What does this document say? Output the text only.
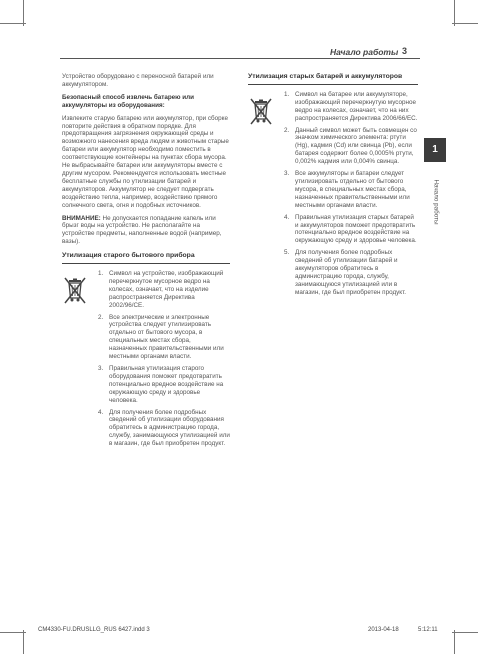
Начало работы 3

Устройство оборудовано с переносной батарей или аккумулятором.

Безопасный способ извлечь батарею или аккумуляторы из оборудования:

Извлеките старую батарею или аккумулятор, при сборке повторите действия в обратном порядке. Для предотвращения загрязнения окружающей среды и возможного нанесения вреда людям и животным старые батареи или аккумулятор необходимо поместить в соответствующие контейнеры на пунктах сбора мусора. Не выбрасывайте батареи или аккумуляторы вместе с другим мусором. Рекомендуется использовать местные бесплатные службы по утилизации батарей и аккумуляторов. Аккумулятор не следует подвергать воздействию тепла, например, воздействию прямого солнечного света, огня и подобных источников.

ВНИМАНИЕ: Не допускается попадание капель или брызг воды на устройство. Не располагайте на устройстве предметы, наполненные водой (например, вазы).

Утилизация старого бытового прибора
1. Символ на устройстве, изображающий перечеркнутое мусорное ведро на колесах, означает, что на изделие распространяется Директива 2002/96/CE.
2. Все электрические и электронные устройства следует утилизировать отдельно от бытового мусора, в специальных местах сбора, назначенных правительственными или местными органами власти.
3. Правильная утилизация старого оборудования поможет предотвратить потенциально вредное воздействие на окружающую среду и здоровье человека.
4. Для получения более подробных сведений об утилизации оборудования обратитесь в администрацию города, службу, занимающуюся утилизацией или в магазин, где был приобретен продукт.
Утилизация старых батарей и аккумуляторов
1. Символ на батарее или аккумуляторе, изображающий перечеркнутую мусорное ведро на колесах, означает, что на них распространяется Директива 2006/66/EC.
2. Данный символ может быть совмещен со значком химического элемента: ртути (Hg), кадмия (Cd) или свинца (Pb), если батарея содержит более 0,0005% ртути, 0,002% кадмия или 0,004% свинца.
3. Все аккумуляторы и батареи следует утилизировать отдельно от бытового мусора, в специальных местах сбора, назначенных правительственными или местными органами власти.
4. Правильная утилизация старых батарей и аккумуляторов поможет предотвратить потенциально вредное воздействие на окружающую среду и здоровье человека.
5. Для получения более подробных сведений об утилизации батарей и аккумуляторов обратитесь в администрацию города, службу, занимающуюся утилизацией или в магазин, где был приобретен продукт.
1
Начало работы
CM4330-FU.DRUSLLG_RUS 6427.indd 3	2013-04-18	5:12:11
